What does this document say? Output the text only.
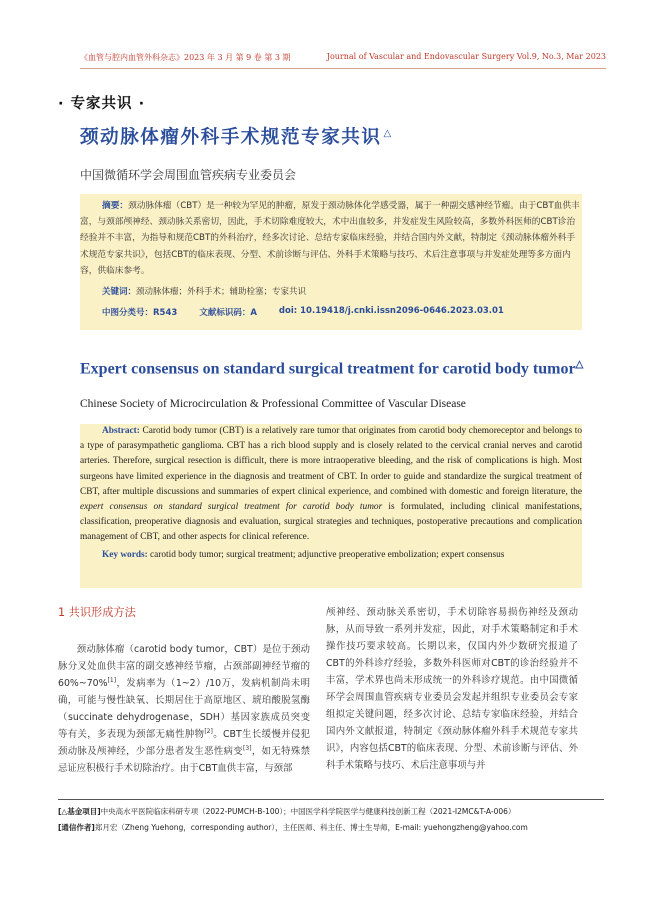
《血管与腔内血管外科杂志》2023 年 3 月 第 9 卷 第 3 期	Journal of Vascular and Endovascular Surgery Vol.9, No.3, Mar 2023
· 专家共识 ·
颈动脉体瘤外科手术规范专家共识 △
中国微循环学会周围血管疾病专业委员会

摘要：颈动脉体瘤（CBT）是一种较为罕见的肿瘤，原发于颈动脉体化学感受器，属于一种副交感神经节瘤。由于CBT血供丰富，与颈部颅神经、颈动脉关系密切，因此，手术切除难度较大，术中出血较多，并发症发生风险较高，多数外科医师的CBT诊治经验并不丰富，为指导和规范CBT的外科治疗，经多次讨论、总结专家临床经验，并结合国内外文献，特制定《颈动脉体瘤外科手术规范专家共识》，包括CBT的临床表现、分型、术前诊断与评估、外科手术策略与技巧、术后注意事项与并发症处理等多方面内容，供临床参考。

关键词：颈动脉体瘤；外科手术；辅助栓塞；专家共识
中图分类号：R543	文献标识码：A	doi: 10.19418/j.cnki.issn2096-0646.2023.03.01
Expert consensus on standard surgical treatment for carotid body tumor△
Chinese Society of Microcirculation & Professional Committee of Vascular Disease

Abstract: Carotid body tumor (CBT) is a relatively rare tumor that originates from carotid body chemoreceptor and belongs to a type of parasympathetic ganglioma. CBT has a rich blood supply and is closely related to the cervical cranial nerves and carotid arteries. Therefore, surgical resection is difficult, there is more intraoperative bleeding, and the risk of complications is high. Most surgeons have limited experience in the diagnosis and treatment of CBT. In order to guide and standardize the surgical treatment of CBT, after multiple discussions and summaries of expert clinical experience, and combined with domestic and foreign literature, the expert consensus on standard surgical treatment for carotid body tumor is formulated, including clinical manifestations, classification, preoperative diagnosis and evaluation, surgical strategies and techniques, postoperative precautions and complication management of CBT, and other aspects for clinical reference.

Key words: carotid body tumor; surgical treatment; adjunctive preoperative embolization; expert consensus
1 共识形成方法

颈动脉体瘤（carotid body tumor，CBT）是位于颈动脉分叉处血供丰富的副交感神经节瘤，占颈部副神经节瘤的60%~70%[1]，发病率为（1~2）/10万，发病机制尚未明确，可能与慢性缺氧、长期居住于高原地区、琥珀酸脱氢酶（succinate dehydrogenase，SDH）基因家族成员突变等有关，多表现为颈部无痛性肿物[2]。CBT生长缓慢并侵犯颈动脉及颅神经，少部分患者发生恶性病变[3]，如无特殊禁忌证应积极行手术切除治疗。由于CBT血供丰富，与颈部

颅神经、颈动脉关系密切，手术切除容易损伤神经及颈动脉，从而导致一系列并发症，因此，对手术策略制定和手术操作技巧要求较高。长期以来，仅国内外少数研究报道了CBT的外科诊疗经验，多数外科医师对CBT的诊治经验并不丰富，学术界也尚未形成统一的外科诊疗规范。由中国微循环学会周围血管疾病专业委员会发起并组织专业委员会专家组拟定关键问题，经多次讨论、总结专家临床经验，并结合国内外文献报道，特制定《颈动脉体瘤外科手术规范专家共识》，内容包括CBT的临床表现、分型、术前诊断与评估、外科手术策略与技巧、术后注意事项与并

[△基金项目]中央高水平医院临床科研专项（2022-PUMCH-B-100）；中国医学科学院医学与健康科技创新工程（2021-I2MC&T-A-006）
[通信作者]郑月宏（Zheng Yuehong，corresponding author），主任医师、科主任、博士生导师，E-mail: yuehongzheng@yahoo.com
